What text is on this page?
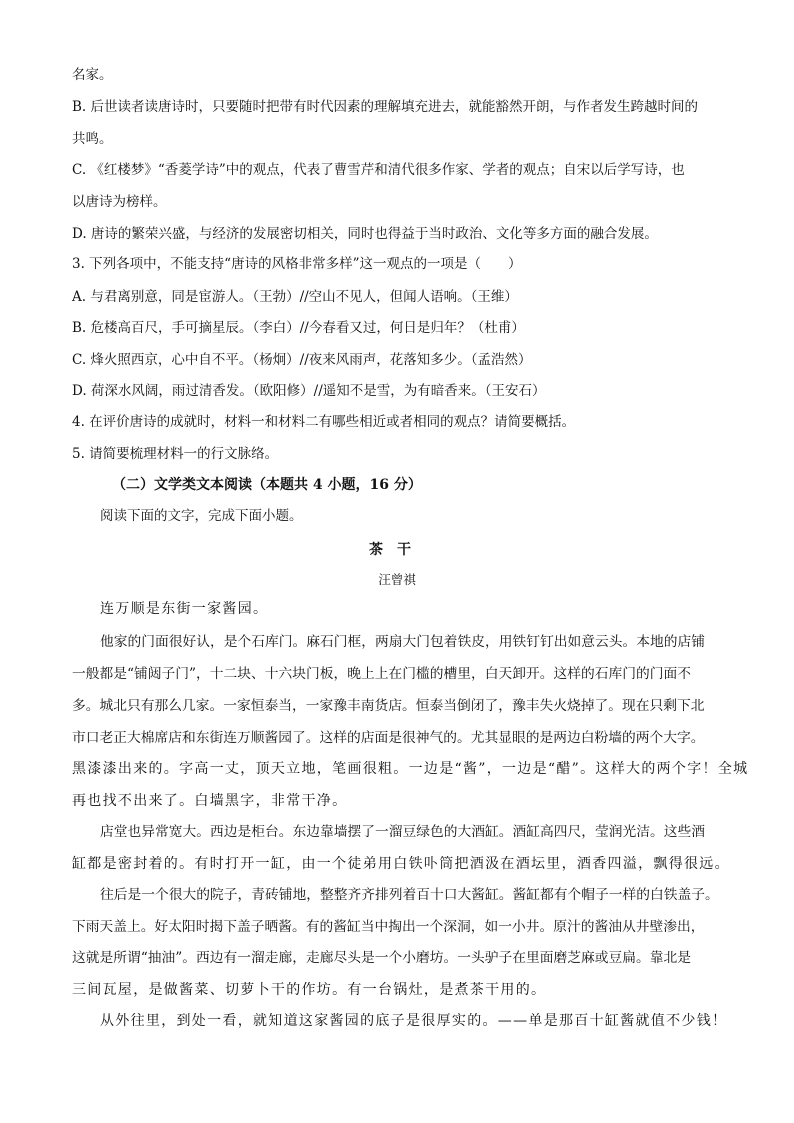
名家。
B. 后世读者读唐诗时，只要随时把带有时代因素的理解填充进去，就能豁然开朗，与作者发生跨越时间的
共鸣。
C. 《红楼梦》“香菱学诗”中的观点，代表了曹雪芹和清代很多作家、学者的观点；自宋以后学写诗，也
以唐诗为榜样。
D. 唐诗的繁荣兴盛，与经济的发展密切相关，同时也得益于当时政治、文化等多方面的融合发展。
3. 下列各项中，不能支持“唐诗的风格非常多样”这一观点的一项是（　　）
A. 与君离别意，同是宦游人。（王勃）//空山不见人，但闻人语响。（王维）
B. 危楼高百尺，手可摘星辰。（李白）//今春看又过，何日是归年？（杜甫）
C. 烽火照西京，心中自不平。（杨炯）//夜来风雨声，花落知多少。（孟浩然）
D. 荷深水风阔，雨过清香发。（欧阳修）//遥知不是雪，为有暗香来。（王安石）
4. 在评价唐诗的成就时，材料一和材料二有哪些相近或者相同的观点？请简要概括。
5. 请简要梳理材料一的行文脉络。
（二）文学类文本阅读（本题共 4 小题，16 分）
阅读下面的文字，完成下面小题。
茶干
汪曾祺
连万顺是东街一家酱园。
他家的门面很好认，是个石库门。麻石门框，两扇大门包着铁皮，用铁钉钉出如意云头。本地的店铺
一般都是“铺闼子门”，十二块、十六块门板，晚上上在门槛的槽里，白天卸开。这样的石库门的门面不
多。城北只有那么几家。一家恒泰当，一家豫丰南货店。恒泰当倒闭了，豫丰失火烧掉了。现在只剩下北
市口老正大棉席店和东街连万顺酱园了。这样的店面是很神气的。尤其显眼的是两边白粉墙的两个大字。
黑漆漆出来的。字高一丈，顶天立地，笔画很粗。一边是“酱”，一边是“醋”。这样大的两个字！全城
再也找不出来了。白墙黑字，非常干净。
店堂也异常宽大。西边是柜台。东边靠墙摆了一溜豆绿色的大酒缸。酒缸高四尺，莹润光洁。这些酒
缸都是密封着的。有时打开一缸，由一个徒弟用白铁卟筒把酒汲在酒坛里，酒香四溢，飘得很远。
往后是一个很大的院子，青砖铺地，整整齐齐排列着百十口大酱缸。酱缸都有个帽子一样的白铁盖子。
下雨天盖上。好太阳时揭下盖子晒酱。有的酱缸当中掏出一个深洞，如一小井。原汁的酱油从井壁渗出，
这就是所谓“抽油”。西边有一溜走廊，走廊尽头是一个小磨坊。一头驴子在里面磨芝麻或豆扁。靠北是
三间瓦屋，是做酱菜、切萝卜干的作坊。有一台锅灶，是煮茶干用的。
从外往里，到处一看，就知道这家酱园的底子是很厚实的。——单是那百十缸酱就值不少钱！
